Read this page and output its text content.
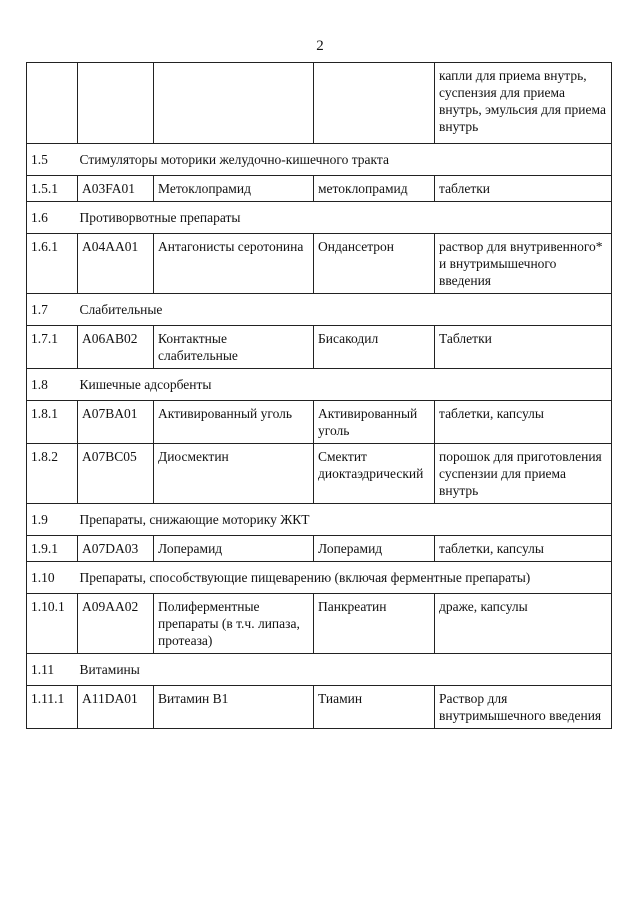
2
				капли для приема внутрь, суспензия для приема внутрь, эмульсия для приема внутрь
1.5	Стимуляторы моторики желудочно-кишечного тракта			
1.5.1	A03FA01	Метоклопрамид	метоклопрамид	таблетки
1.6	Противорвотные препараты			
1.6.1	A04AA01	Антагонисты серотонина	Ондансетрон	раствор для внутривенного* и внутримышечного введения
1.7	Слабительные			
1.7.1	A06AB02	Контактные слабительные	Бисакодил	Таблетки
1.8	Кишечные адсорбенты			
1.8.1	A07BA01	Активированный уголь	Активированный уголь	таблетки, капсулы
1.8.2	A07BC05	Диосмектин	Смектит диоктаэдрический	порошок для приготовления суспензии для приема внутрь
1.9	Препараты, снижающие моторику ЖКТ			
1.9.1	A07DA03	Лоперамид	Лоперамид	таблетки, капсулы
1.10	Препараты, способствующие пищеварению (включая ферментные препараты)			
1.10.1	A09AA02	Полиферментные препараты (в т.ч. липаза, протеаза)	Панкреатин	драже, капсулы
1.11	Витамины			
1.11.1	A11DA01	Витамин В1	Тиамин	Раствор для внутримышечного введения
